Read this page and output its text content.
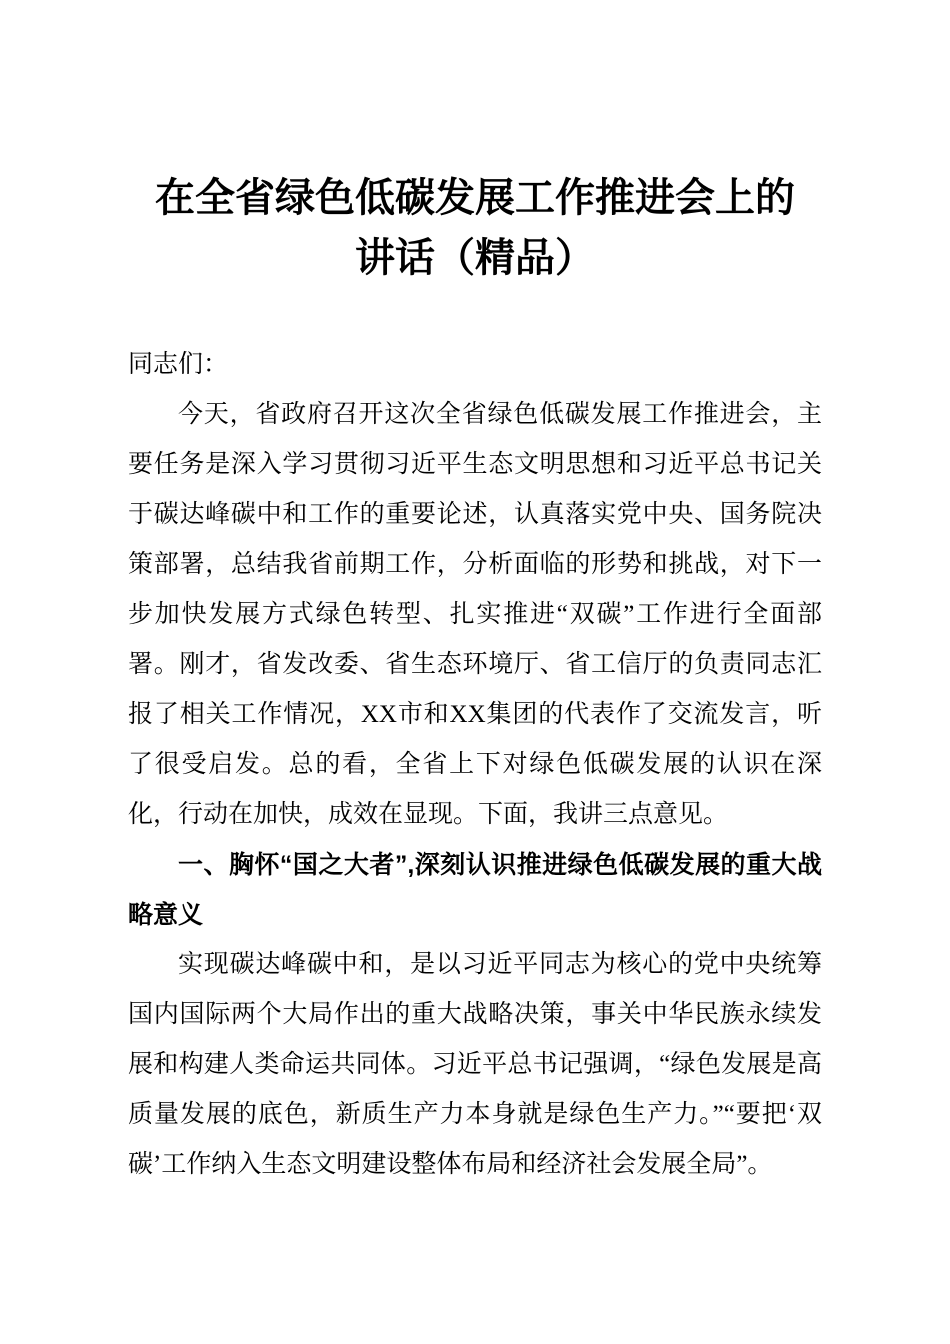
在全省绿色低碳发展工作推进会上的
讲话（精品）

同志们：

今天，省政府召开这次全省绿色低碳发展工作推进会，主要任务是深入学习贯彻习近平生态文明思想和习近平总书记关于碳达峰碳中和工作的重要论述，认真落实党中央、国务院决策部署，总结我省前期工作，分析面临的形势和挑战，对下一步加快发展方式绿色转型、扎实推进“双碳”工作进行全面部署。刚才，省发改委、省生态环境厅、省工信厅的负责同志汇报了相关工作情况，XX市和XX集团的代表作了交流发言，听了很受启发。总的看，全省上下对绿色低碳发展的认识在深化，行动在加快，成效在显现。下面，我讲三点意见。

一、胸怀“国之大者”,深刻认识推进绿色低碳发展的重大战略意义

实现碳达峰碳中和，是以习近平同志为核心的党中央统筹国内国际两个大局作出的重大战略决策，事关中华民族永续发展和构建人类命运共同体。习近平总书记强调，“绿色发展是高质量发展的底色，新质生产力本身就是绿色生产力。”“要把‘双碳’工作纳入生态文明建设整体布局和经济社会发展全局”。
